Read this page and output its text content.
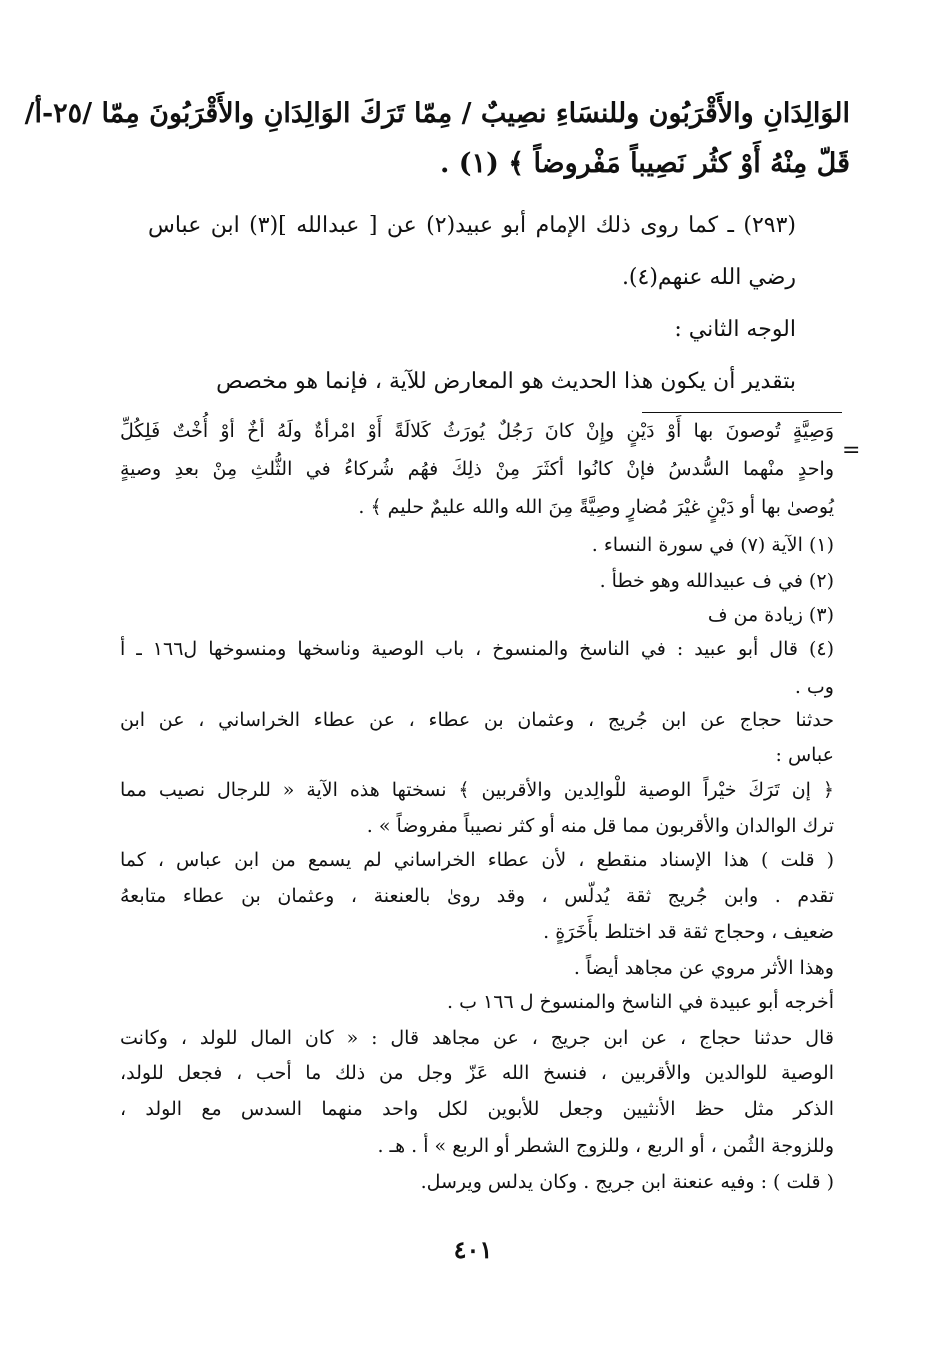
الوَالِدَانِ والأَقْرَبُون وللنسَاءِ نصِيبٌ / مِمّا تَرَكَ الوَالِدَانِ والأَقْرَبُونَ مِمّا /٢٥-أ/

قَلّ مِنْهُ أَوْ كثُر نَصِيباً مَفْروضاً ﴾ (١) .

(٢٩٣) ـ كما روى ذلك الإمام أبو عبيد(٢) عن [ عبدالله ](٣) ابن عباس

رضي الله عنهم(٤).

الوجه الثاني :

بتقدير أن يكون هذا الحديث هو المعارض للآية ، فإنما هو مخصص

=

وَصِيَّةٍ تُوصونَ بها أَوْ دَيْنٍ وإِنْ كانَ رَجُلٌ يُورَثُ كَلالَةً أَوْ امْرأةٌ ولَهُ أخٌ أوْ أُخْتٌ فَلِكُلِّ

واحدٍ منْهما السُّدسُ فإنْ كانُوا أكثَرَ مِنْ ذلِكَ فهُم شُركاءُ في الثُّلثِ مِنْ بعدِ وصيةٍ

يُوصىٰ بها أو دَيْنٍ غيْرَ مُضارٍ وصِيَّةً مِنَ الله والله عليمٌ حليم ﴾ .

(١) الآية (٧) في سورة النساء .

(٢) في ف عبيدالله وهو خطأ .

(٣) زيادة من ف

(٤) قال أبو عبيد : في الناسخ والمنسوخ ، باب الوصية وناسخها ومنسوخها ل١٦٦ ـ أ

وب .

حدثنا حجاج عن ابن جُريج ، وعثمان بن عطاء ، عن عطاء الخراساني ، عن ابن

عباس :

﴿ إن تَرَكَ خيْراً الوصية للْوالِدين والأقربين ﴾ نسختها هذه الآية « للرجال نصيب مما

ترك الوالدان والأقربون مما قل منه أو كثر نصيباً مفروضاً » .

( قلت ) هذا الإسناد منقطع ، لأن عطاء الخراساني لم يسمع من ابن عباس ، كما

تقدم . وابن جُريج ثقة يُدلّس ، وقد روىٰ بالعنعنة ، وعثمان بن عطاء متابعهُ

ضعيف ، وحجاج ثقة قد اختلط بأَخَرَةٍ .

وهذا الأثر مروي عن مجاهد أيضاً .

أخرجه أبو عبيدة في الناسخ والمنسوخ ل ١٦٦ ب .

قال حدثنا حجاج ، عن ابن جريج ، عن مجاهد قال : « كان المال للولد ، وكانت

الوصية للوالدين والأقربين ، فنسخ الله عَزّ وجل من ذلك ما أحب ، فجعل للولد،

الذكر مثل حظ الأنثيين وجعل للأبوين لكل واحد منهما السدس مع الولد ،

وللزوجة الثُمن ، أو الربع ، وللزوج الشطر أو الربع » أ . هـ .

( قلت ) : وفيه عنعنة ابن جريج . وكان يدلس ويرسل.

٤٠١
